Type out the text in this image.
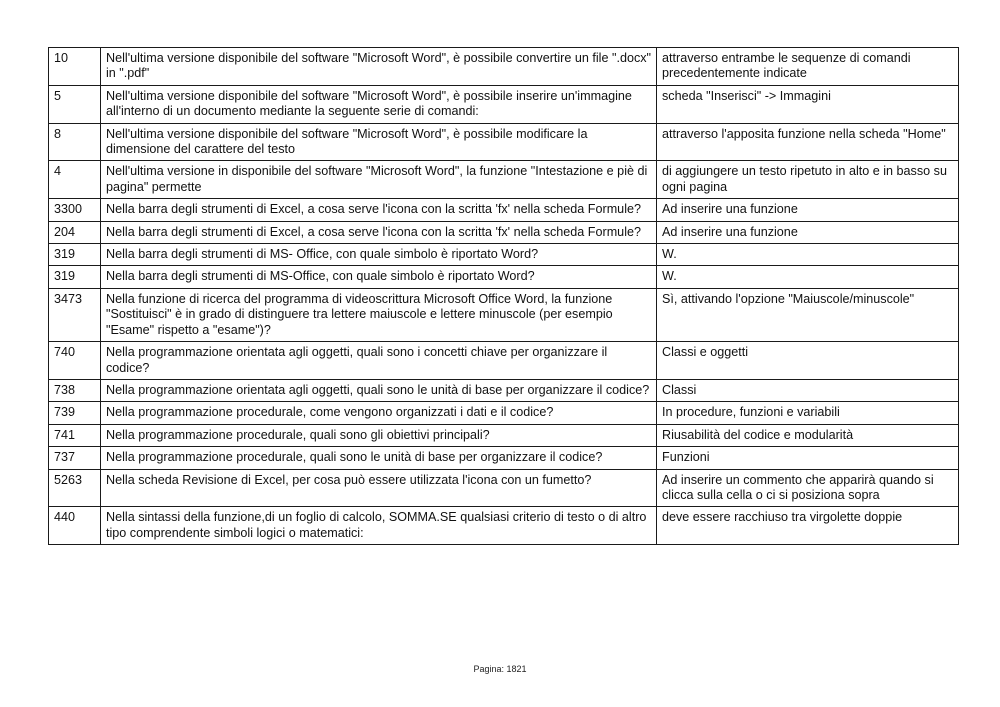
10	Nell'ultima versione disponibile del software "Microsoft Word", è possibile convertire un file ".docx" in ".pdf"	attraverso entrambe le sequenze di comandi precedentemente indicate
5	Nell'ultima versione disponibile del software "Microsoft Word", è possibile inserire un'immagine all'interno di un documento mediante la seguente serie di comandi:	scheda "Inserisci" -> Immagini
8	Nell'ultima versione disponibile del software "Microsoft Word", è possibile modificare la dimensione del carattere del testo	attraverso l'apposita funzione nella scheda "Home"
4	Nell'ultima versione in disponibile del software "Microsoft Word", la funzione "Intestazione e piè di pagina" permette	di aggiungere un testo ripetuto in alto e in basso su ogni pagina
3300	Nella barra degli strumenti di Excel, a cosa serve l'icona con la scritta 'fx' nella scheda Formule?	Ad inserire una funzione
204	Nella barra degli strumenti di Excel, a cosa serve l'icona con la scritta 'fx' nella scheda Formule?	Ad inserire una funzione
319	Nella barra degli strumenti di MS- Office, con quale simbolo è riportato Word?	W.
319	Nella barra degli strumenti di MS-Office, con quale simbolo è riportato Word?	W.
3473	Nella funzione di ricerca del programma di videoscrittura Microsoft Office Word, la funzione "Sostituisci" è in grado di distinguere tra lettere maiuscole e lettere minuscole (per esempio "Esame" rispetto a "esame")?	Sì, attivando l'opzione "Maiuscole/minuscole"
740	Nella programmazione orientata agli oggetti, quali sono i concetti chiave per organizzare il codice?	Classi e oggetti
738	Nella programmazione orientata agli oggetti, quali sono le unità di base per organizzare il codice?	Classi
739	Nella programmazione procedurale, come vengono organizzati i dati e il codice?	In procedure, funzioni e variabili
741	Nella programmazione procedurale, quali sono gli obiettivi principali?	Riusabilità del codice e modularità
737	Nella programmazione procedurale, quali sono le unità di base per organizzare il codice?	Funzioni
5263	Nella scheda Revisione di Excel, per cosa può essere utilizzata l'icona con un fumetto?	Ad inserire un commento che apparirà quando si clicca sulla cella o ci si posiziona sopra
440	Nella sintassi della funzione,di un foglio di calcolo, SOMMA.SE qualsiasi criterio di testo o di altro tipo comprendente simboli logici o matematici:	deve essere racchiuso tra virgolette doppie
Pagina: 1821
